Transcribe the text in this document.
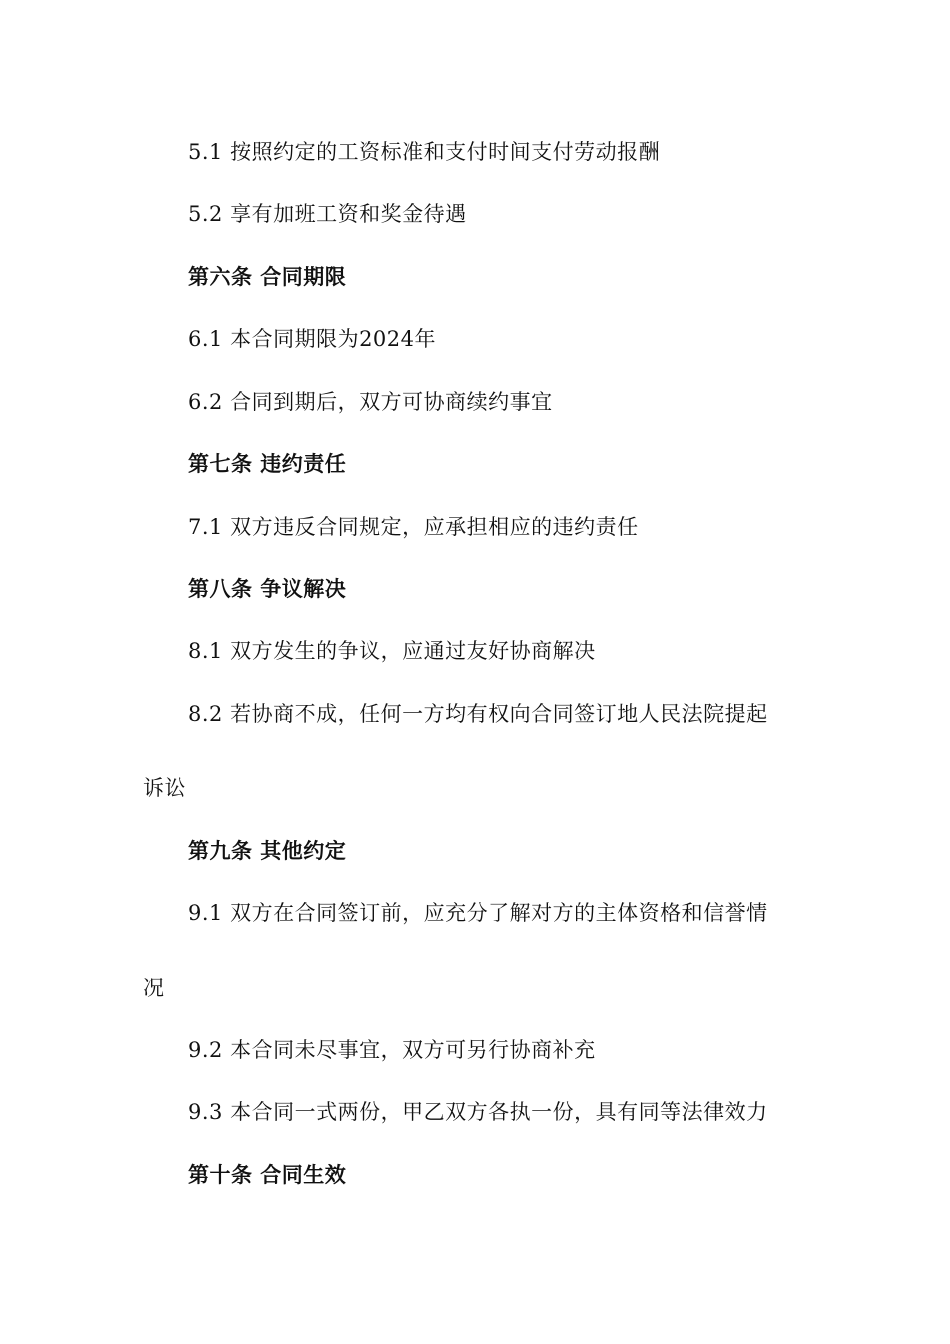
5.1 按照约定的工资标准和支付时间支付劳动报酬
5.2 享有加班工资和奖金待遇
第六条 合同期限
6.1 本合同期限为2024年
6.2 合同到期后，双方可协商续约事宜
第七条 违约责任
7.1 双方违反合同规定，应承担相应的违约责任
第八条 争议解决
8.1 双方发生的争议，应通过友好协商解决
8.2 若协商不成，任何一方均有权向合同签订地人民法院提起
诉讼
第九条 其他约定
9.1 双方在合同签订前，应充分了解对方的主体资格和信誉情
况
9.2 本合同未尽事宜，双方可另行协商补充
9.3 本合同一式两份，甲乙双方各执一份，具有同等法律效力
第十条 合同生效
